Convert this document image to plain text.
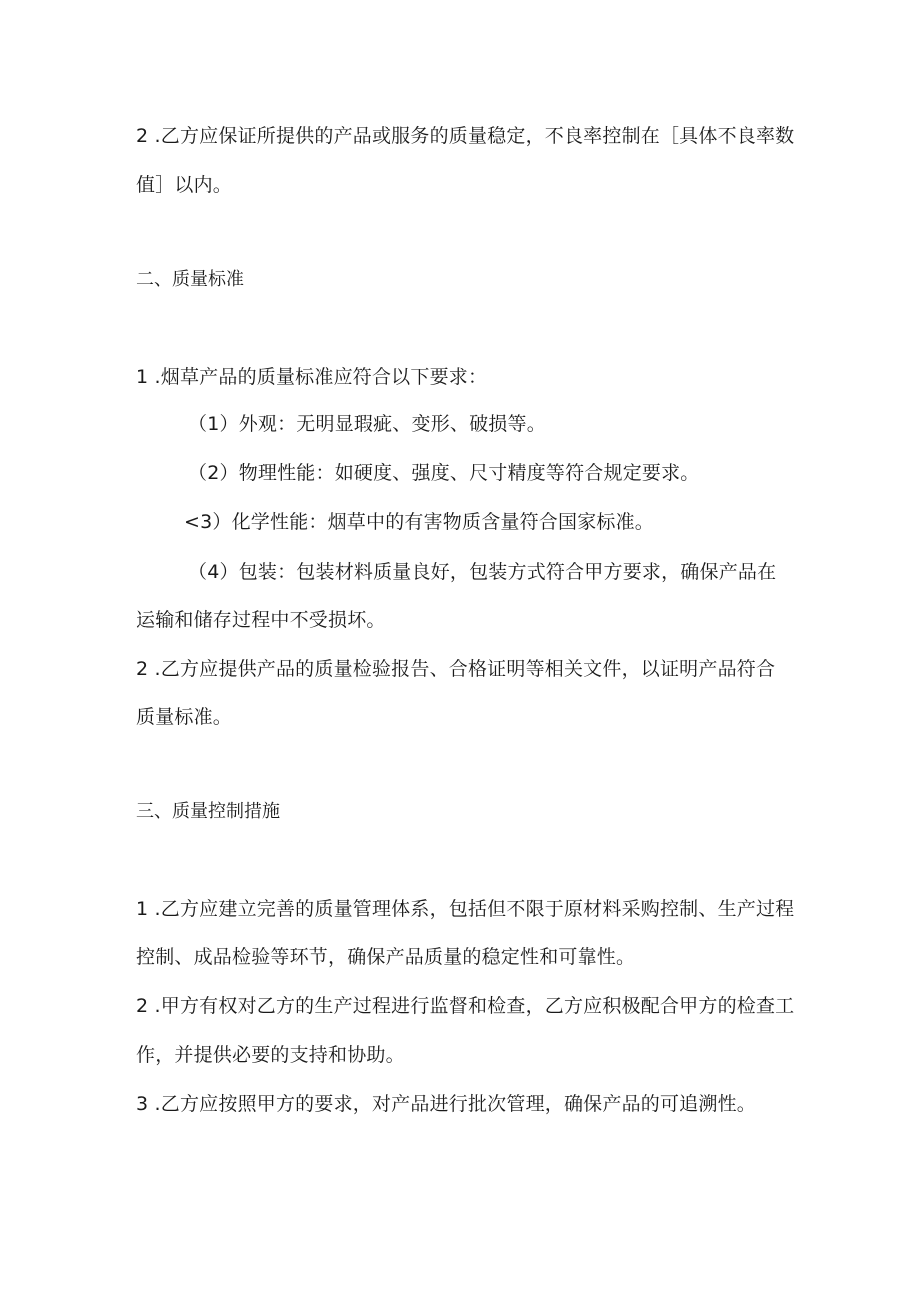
2 .乙方应保证所提供的产品或服务的质量稳定，不良率控制在［具体不良率数
值］以内。
二、质量标准
1 .烟草产品的质量标准应符合以下要求：
（1）外观：无明显瑕疵、变形、破损等。
（2）物理性能：如硬度、强度、尺寸精度等符合规定要求。
<3）化学性能：烟草中的有害物质含量符合国家标准。
（4）包装：包装材料质量良好，包装方式符合甲方要求，确保产品在
运输和储存过程中不受损坏。
2 .乙方应提供产品的质量检验报告、合格证明等相关文件，以证明产品符合
质量标准。
三、质量控制措施
1 .乙方应建立完善的质量管理体系，包括但不限于原材料采购控制、生产过程
控制、成品检验等环节，确保产品质量的稳定性和可靠性。
2 .甲方有权对乙方的生产过程进行监督和检查，乙方应积极配合甲方的检查工
作，并提供必要的支持和协助。
3 .乙方应按照甲方的要求，对产品进行批次管理，确保产品的可追溯性。
